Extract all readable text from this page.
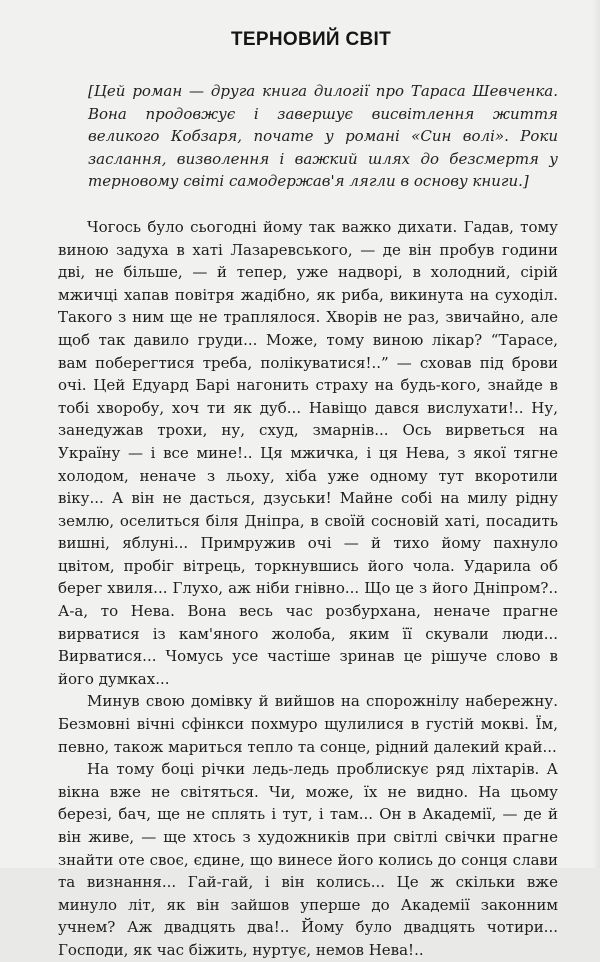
ТЕРНОВИЙ СВІТ

[Цей роман — друга книга дилогії про Тараса Шевченка. Вона продовжує і завершує висвітлення життя великого Кобзаря, почате у романі «Син волі». Роки заслання, визволення і важкий шлях до безсмертя у терновому світі самодержав'я лягли в основу книги.]

Чогось було сьогодні йому так важко дихати. Гадав, тому виною задуха в хаті Лазаревського, — де він пробув години дві, не більше, — й тепер, уже надворі, в холодний, сірій мжичці хапав повітря жадібно, як риба, викинута на суходіл. Такого з ним ще не траплялося. Хворів не раз, звичайно, але щоб так давило груди... Може, тому виною лікар? “Тарасе, вам поберегтися треба, полікуватися!..” — сховав під брови очі. Цей Едуард Барі нагонить страху на будь-кого, знайде в тобі хворобу, хоч ти як дуб... Навіщо дався вислухати!.. Ну, занедужав трохи, ну, схуд, змарнів... Ось вирветься на Україну — і все мине!.. Ця мжичка, і ця Нева, з якої тягне холодом, неначе з льоху, хіба уже одному тут вкоротили віку... А він не дасться, дзуськи! Майне собі на милу рідну землю, оселиться біля Дніпра, в своїй сосновій хаті, посадить вишні, яблуні... Примружив очі — й тихо йому пахнуло цвітом, пробіг вітрець, торкнувшись його чола. Ударила об берег хвиля... Глухо, аж ніби гнівно... Що це з його Дніпром?.. А-а, то Нева. Вона весь час розбурхана, неначе прагне вирватися із кам'яного жолоба, яким її скували люди... Вирватися... Чомусь усе частіше зринав це рішуче слово в його думках...

Минув свою домівку й вийшов на спорожнілу набережну. Безмовні вічні сфінкси похмуро щулилися в густій мокві. Їм, певно, також мариться тепло та сонце, рідний далекий край...

На тому боці річки ледь-ледь проблискує ряд ліхтарів. А вікна вже не світяться. Чи, може, їх не видно. На цьому березі, бач, ще не сплять і тут, і там... Он в Академії, — де й він живе, — ще хтось з художників при світлі свічки прагне знайти оте своє, єдине, що винесе його колись до сонця слави та визнання... Гай-гай, і він колись... Це ж скільки вже минуло літ, як він зайшов уперше до Академії законним учнем? Аж двадцять два!.. Йому було двадцять чотири... Господи, як час біжить, нуртує, немов Нева!..
